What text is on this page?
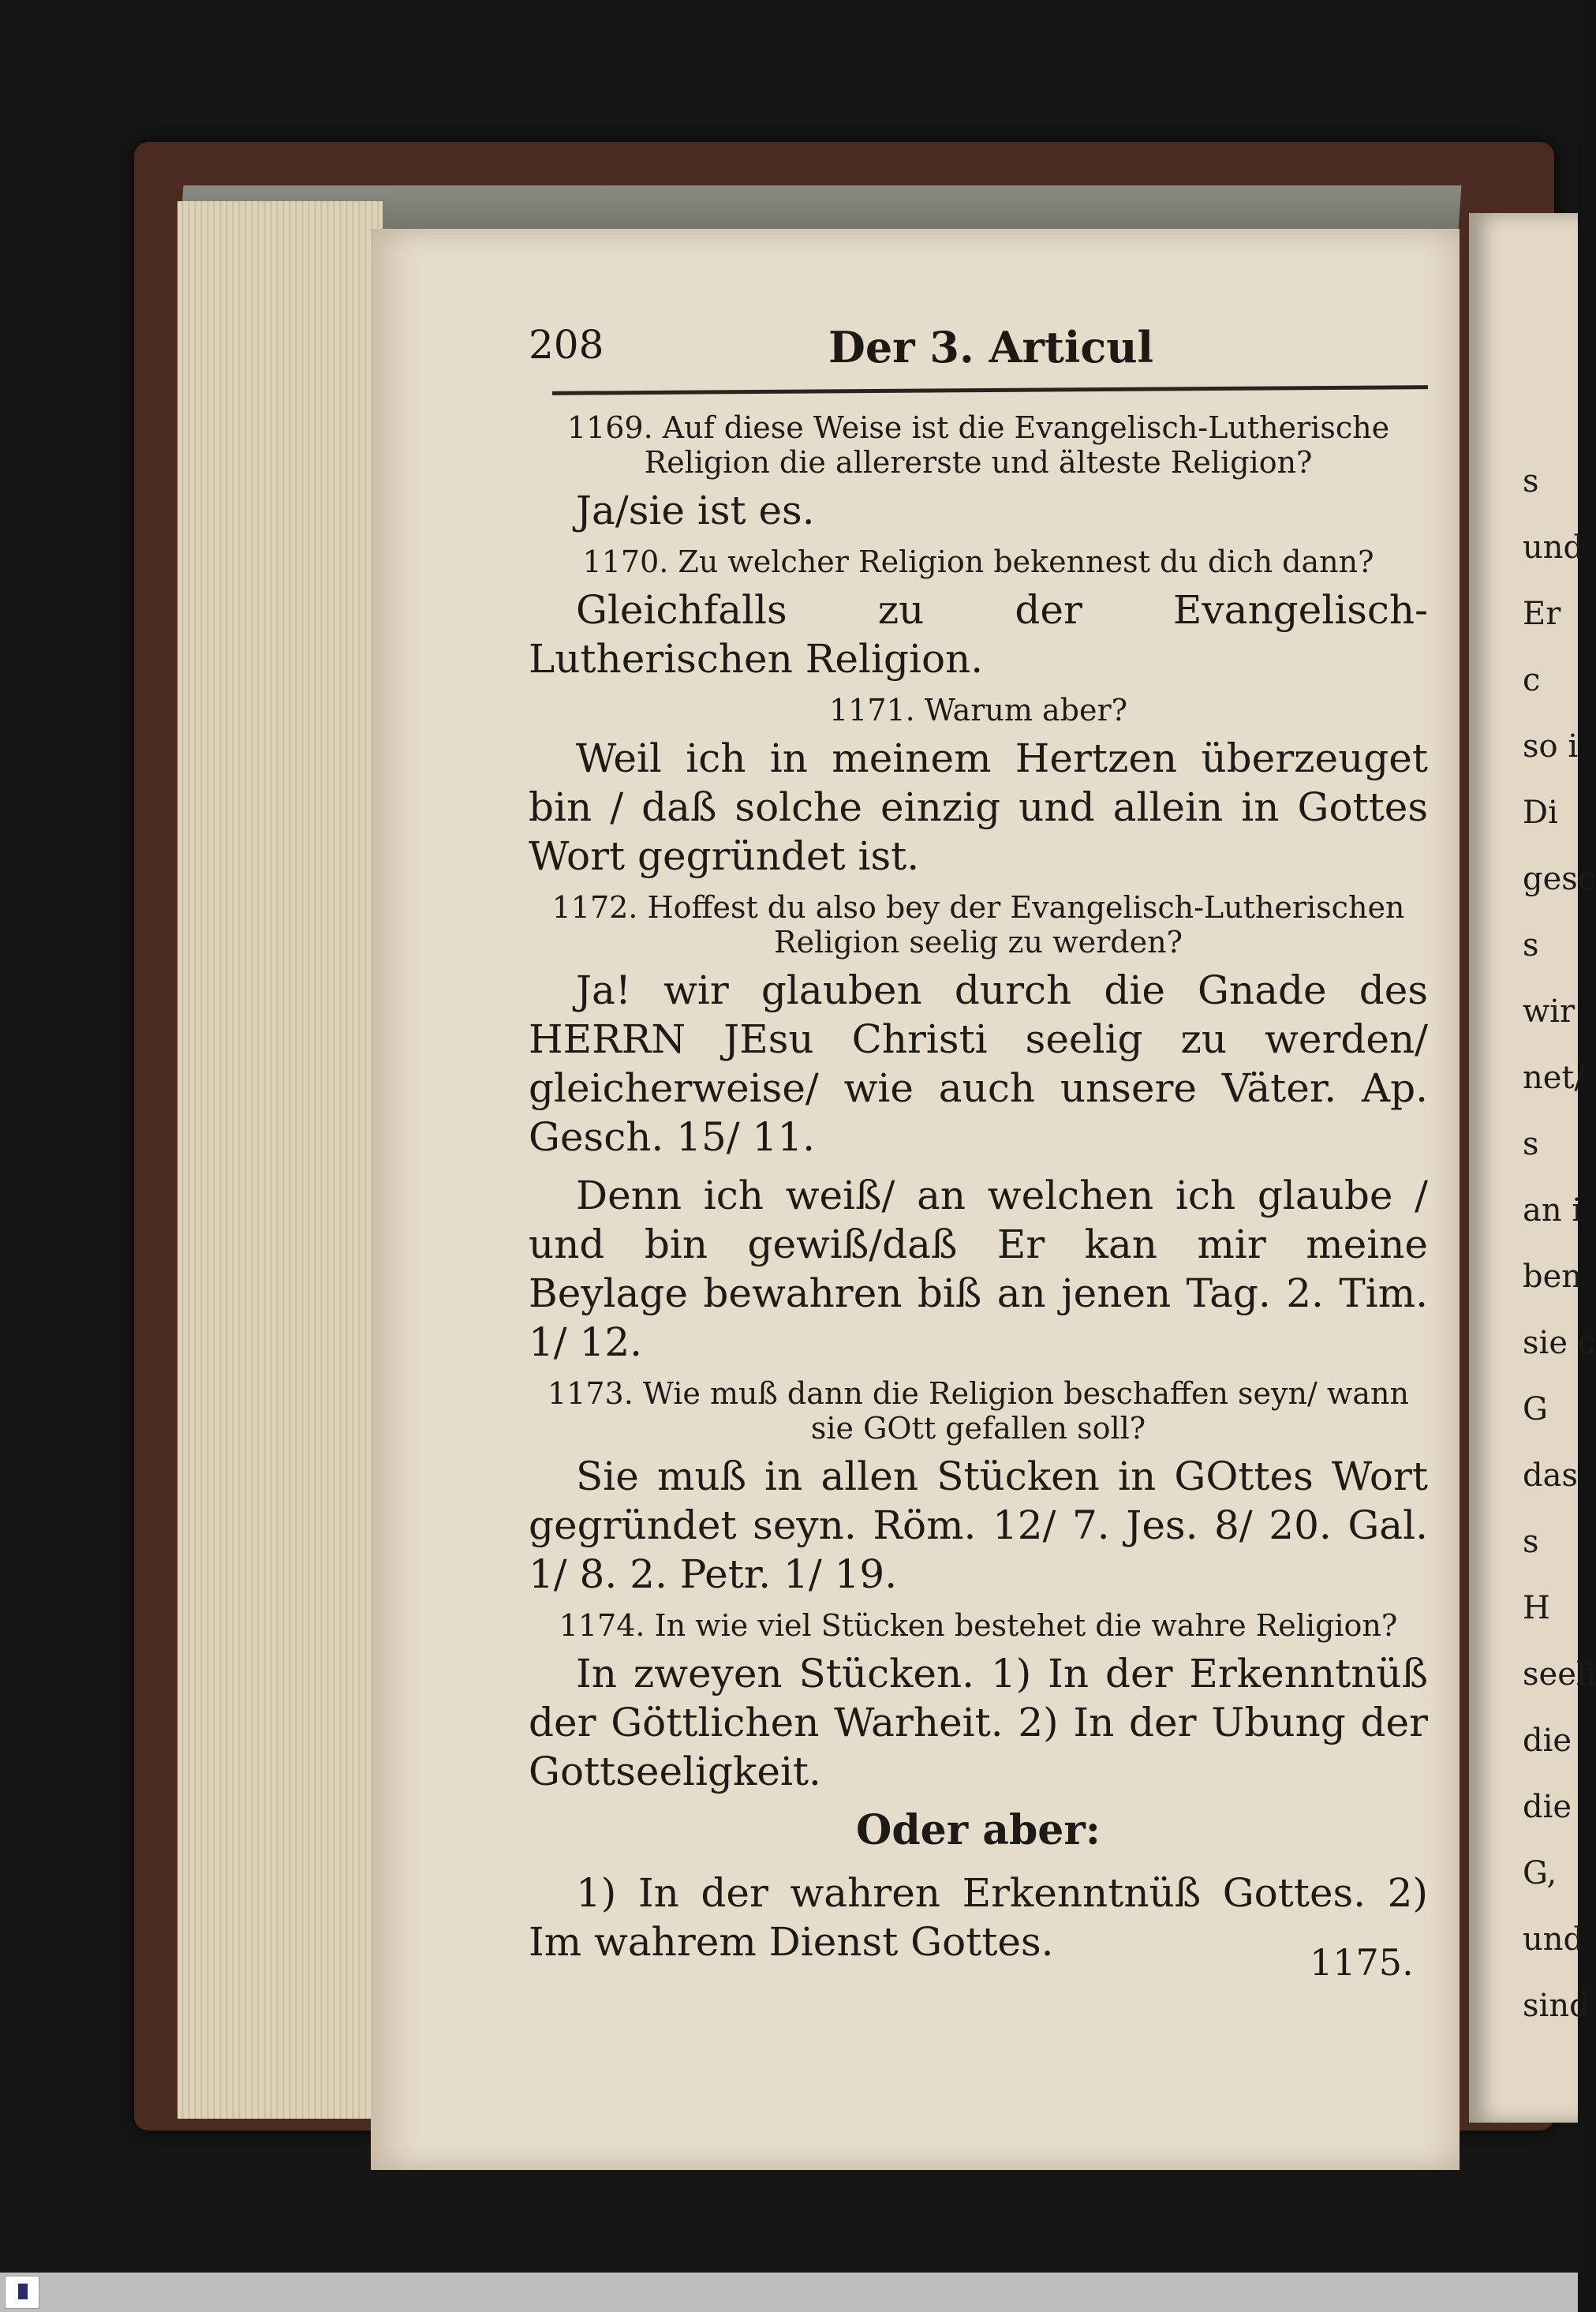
208	Der 3. Articul

1169. Auf diese Weise ist die Evangelisch-Lutherische Religion die allererste und älteste Religion?

Ja/sie ist es.

1170. Zu welcher Religion bekennest du dich dann?

Gleichfalls zu der Evangelisch-Lutherischen Religion.

1171. Warum aber?

Weil ich in meinem Hertzen überzeuget bin / daß solche einzig und allein in Gottes Wort gegründet ist.

1172. Hoffest du also bey der Evangelisch-Lutherischen Religion seelig zu werden?

Ja! wir glauben durch die Gnade des HERRN JEsu Christi seelig zu werden/ gleicherweise/ wie auch unsere Väter. Ap. Gesch. 15/ 11.

Denn ich weiß/ an welchen ich glaube / und bin gewiß/daß Er kan mir meine Beylage bewahren biß an jenen Tag. 2. Tim. 1/ 12.

1173. Wie muß dann die Religion beschaffen seyn/ wann sie GOtt gefallen soll?

Sie muß in allen Stücken in GOttes Wort gegründet seyn. Röm. 12/ 7. Jes. 8/ 20. Gal. 1/ 8. 2. Petr. 1/ 19.

1174. In wie viel Stücken bestehet die wahre Religion?

In zweyen Stücken. 1) In der Erkenntnüß der Göttlichen Warheit. 2) In der Ubung der Gottseeligkeit.

Oder aber:

1) In der wahren Erkenntnüß Gottes. 2) Im wahrem Dienst Gottes.	1175.
s
und
Er
c
so i
Di
gesc
s
wir
net/
s
an i
ben
sie c
G
das
s
H
seeli
die
die
G,
und
sind
